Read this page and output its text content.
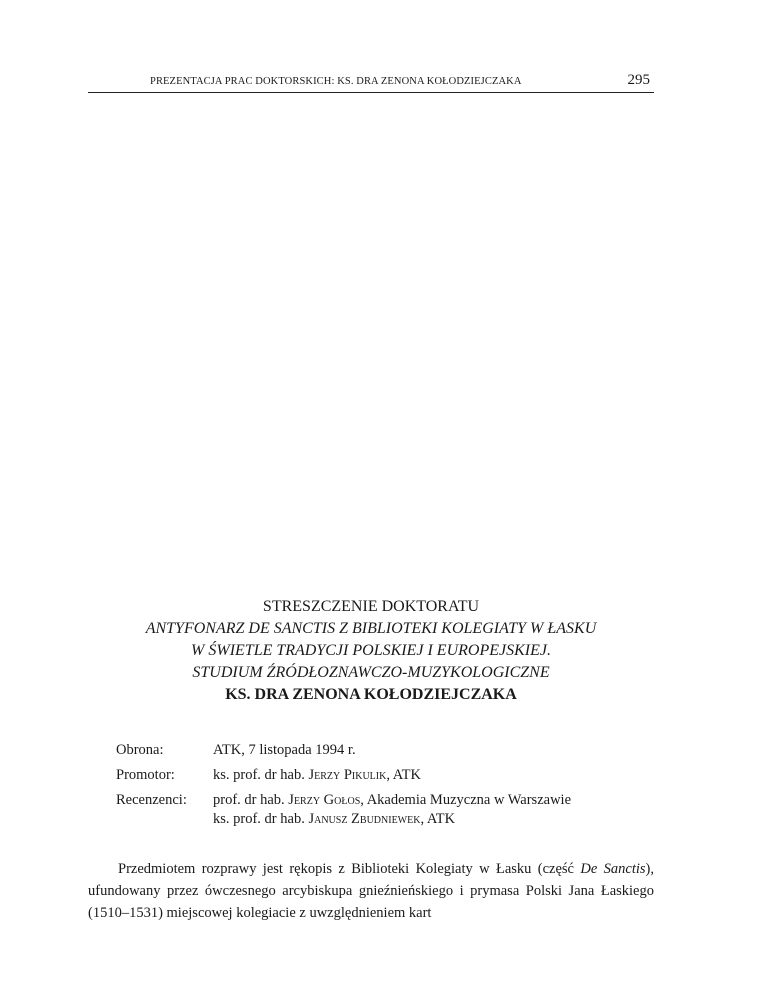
PREZENTACJA PRAC DOKTORSKICH: KS. DRA ZENONA KOŁODZIEJCZAKA	295
STRESZCZENIE DOKTORATU
ANTYFONARZ DE SANCTIS Z BIBLIOTEKI KOLEGIATY W ŁASKU
W ŚWIETLE TRADYCJI POLSKIEJ I EUROPEJSKIEJ.
STUDIUM ŹRÓDŁOZNAWCZO-MUZYKOLOGICZNE
KS. DRA ZENONA KOŁODZIEJCZAKA
Obrona:	ATK, 7 listopada 1994 r.
Promotor:	ks. prof. dr hab. Jerzy Pikulik, ATK
Recenzenci:	prof. dr hab. Jerzy Gołos, Akademia Muzyczna w Warszawie
ks. prof. dr hab. Janusz Zbudniewek, ATK
Przedmiotem rozprawy jest rękopis z Biblioteki Kolegiaty w Łasku (część De Sanctis), ufundowany przez ówczesnego arcybiskupa gnieźnieńskiego i prymasa Polski Jana Łaskiego (1510–1531) miejscowej kolegiacie z uwzględnieniem kart
